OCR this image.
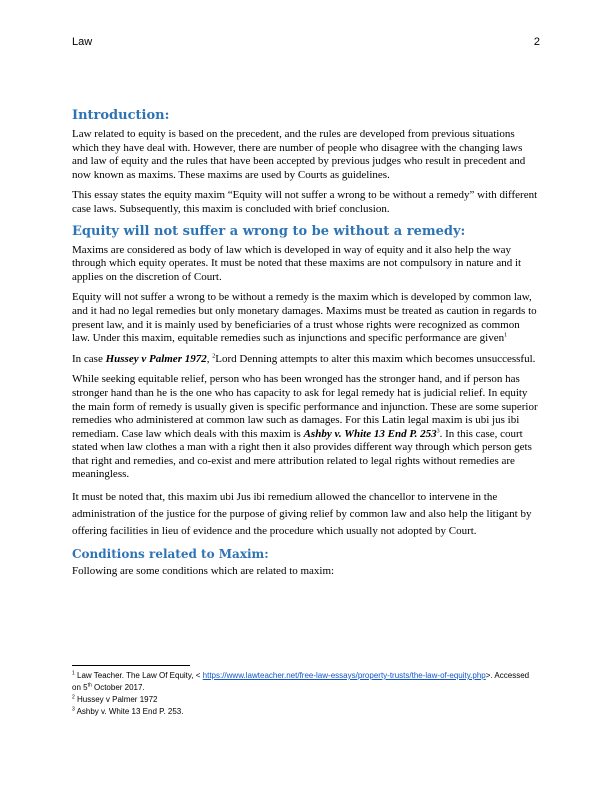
Law	2
Introduction:

Law related to equity is based on the precedent, and the rules are developed from previous situations which they have deal with. However, there are number of people who disagree with the changing laws and law of equity and the rules that have been accepted by previous judges who result in precedent and now known as maxims. These maxims are used by Courts as guidelines.

This essay states the equity maxim “Equity will not suffer a wrong to be without a remedy” with different case laws. Subsequently, this maxim is concluded with brief conclusion.

Equity will not suffer a wrong to be without a remedy:

Maxims are considered as body of law which is developed in way of equity and it also help the way through which equity operates. It must be noted that these maxims are not compulsory in nature and it applies on the discretion of Court.

Equity will not suffer a wrong to be without a remedy is the maxim which is developed by common law, and it had no legal remedies but only monetary damages. Maxims must be treated as caution in regards to present law, and it is mainly used by beneficiaries of a trust whose rights were recognized as common law. Under this maxim, equitable remedies such as injunctions and specific performance are given$^1$

In case Hussey v Palmer 1972, $^2$Lord Denning attempts to alter this maxim which becomes unsuccessful.

While seeking equitable relief, person who has been wronged has the stronger hand, and if person has stronger hand than he is the one who has capacity to ask for legal remedy hat is judicial relief. In equity the main form of remedy is usually given is specific performance and injunction. These are some superior remedies who administered at common law such as damages. For this Latin legal maxim is ubi jus ibi remediam. Case law which deals with this maxim is Ashby v. White 13 End P. $253^3$. In this case, court stated when law clothes a man with a right then it also provides different way through which person gets that right and remedies, and co-exist and mere attribution related to legal rights without remedies are meaningless.

It must be noted that, this maxim ubi Jus ibi remedium allowed the chancellor to intervene in the administration of the justice for the purpose of giving relief by common law and also help the litigant by offering facilities in lieu of evidence and the procedure which usually not adopted by Court.

Conditions related to Maxim:

Following are some conditions which are related to maxim:

$^1$ Law Teacher. The Law Of Equity, < https://www.lawteacher.net/free-law-essays/property-trusts/the-law-of-equity.php>. Accessed on 5th October 2017.
$^2$ Hussey v Palmer 1972
$^3$ Ashby v. White 13 End P. 253.
